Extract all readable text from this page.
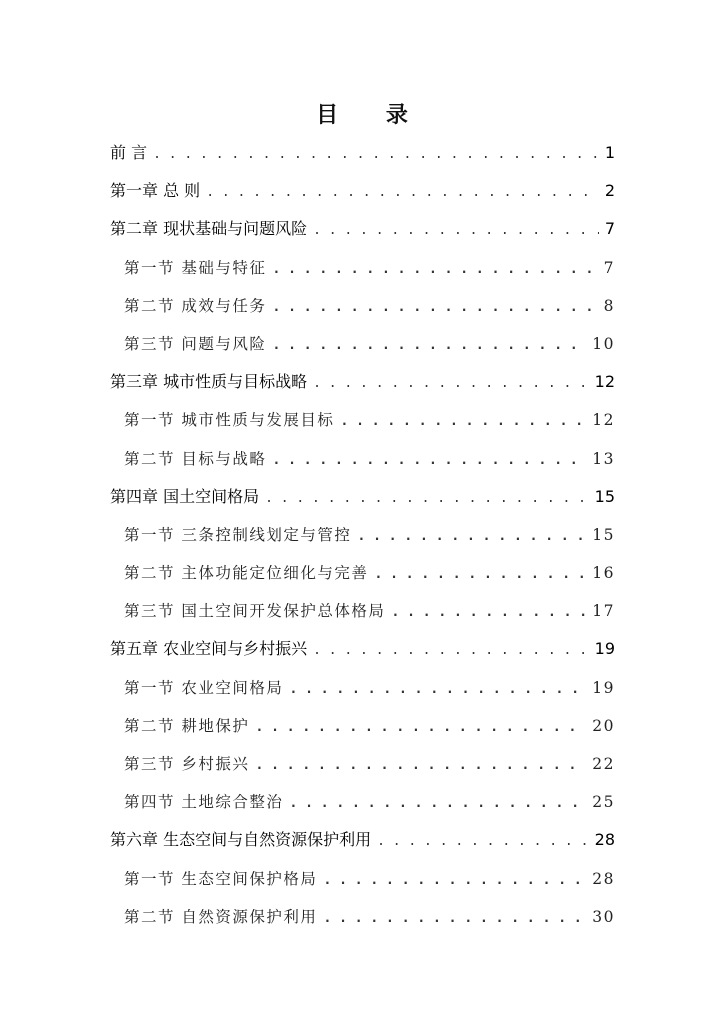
目 录
前 言 . . .	1
第一章 总 则 . . .	2
第二章 现状基础与问题风险 . . .	7
第一节 基础与特征 . . .	7
第二节 成效与任务 . . .	8
第三节 问题与风险 . . .	10
第三章 城市性质与目标战略 . . .	12
第一节 城市性质与发展目标 . . .	12
第二节 目标与战略 . . .	13
第四章 国土空间格局 . . .	15
第一节 三条控制线划定与管控 . . .	15
第二节 主体功能定位细化与完善 . . .	16
第三节 国土空间开发保护总体格局 . . .	17
第五章 农业空间与乡村振兴 . . .	19
第一节 农业空间格局 . . .	19
第二节 耕地保护 . . .	20
第三节 乡村振兴 . . .	22
第四节 土地综合整治 . . .	25
第六章 生态空间与自然资源保护利用 . . .	28
第一节 生态空间保护格局 . . .	28
第二节 自然资源保护利用 . . .	30
